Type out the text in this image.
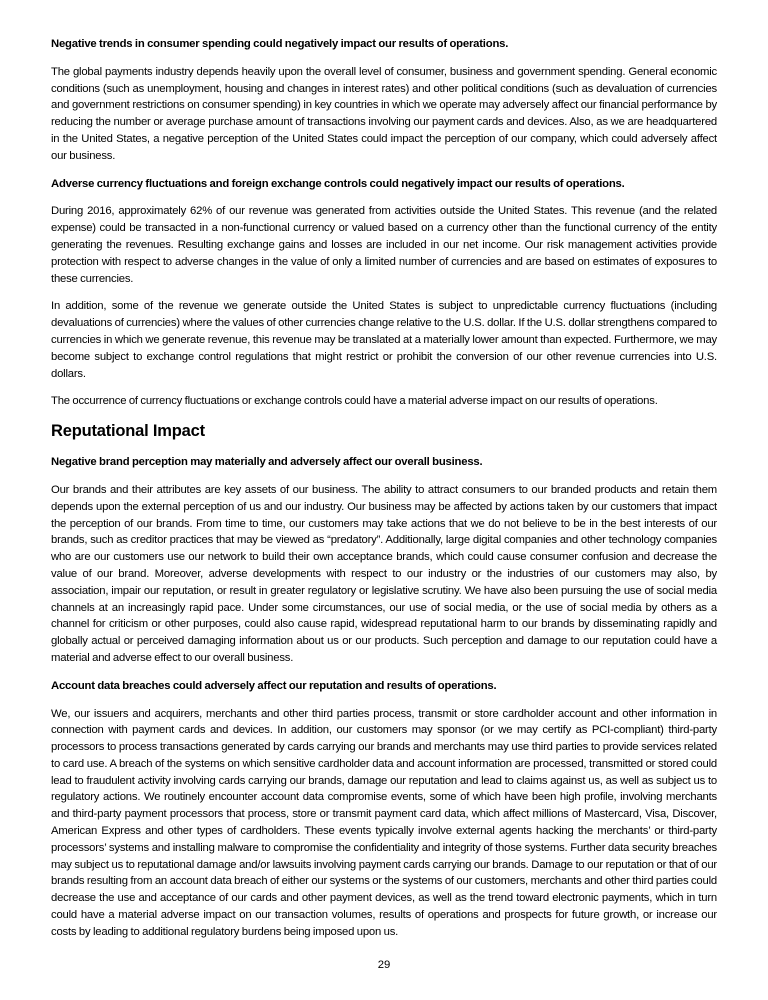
Negative trends in consumer spending could negatively impact our results of operations.

The global payments industry depends heavily upon the overall level of consumer, business and government spending. General economic conditions (such as unemployment, housing and changes in interest rates) and other political conditions (such as devaluation of currencies and government restrictions on consumer spending) in key countries in which we operate may adversely affect our financial performance by reducing the number or average purchase amount of transactions involving our payment cards and devices. Also, as we are headquartered in the United States, a negative perception of the United States could impact the perception of our company, which could adversely affect our business.

Adverse currency fluctuations and foreign exchange controls could negatively impact our results of operations.

During 2016, approximately 62% of our revenue was generated from activities outside the United States. This revenue (and the related expense) could be transacted in a non-functional currency or valued based on a currency other than the functional currency of the entity generating the revenues. Resulting exchange gains and losses are included in our net income. Our risk management activities provide protection with respect to adverse changes in the value of only a limited number of currencies and are based on estimates of exposures to these currencies.

In addition, some of the revenue we generate outside the United States is subject to unpredictable currency fluctuations (including devaluations of currencies) where the values of other currencies change relative to the U.S. dollar. If the U.S. dollar strengthens compared to currencies in which we generate revenue, this revenue may be translated at a materially lower amount than expected. Furthermore, we may become subject to exchange control regulations that might restrict or prohibit the conversion of our other revenue currencies into U.S. dollars.

The occurrence of currency fluctuations or exchange controls could have a material adverse impact on our results of operations.

Reputational Impact
Negative brand perception may materially and adversely affect our overall business.

Our brands and their attributes are key assets of our business. The ability to attract consumers to our branded products and retain them depends upon the external perception of us and our industry. Our business may be affected by actions taken by our customers that impact the perception of our brands. From time to time, our customers may take actions that we do not believe to be in the best interests of our brands, such as creditor practices that may be viewed as “predatory”. Additionally, large digital companies and other technology companies who are our customers use our network to build their own acceptance brands, which could cause consumer confusion and decrease the value of our brand. Moreover, adverse developments with respect to our industry or the industries of our customers may also, by association, impair our reputation, or result in greater regulatory or legislative scrutiny. We have also been pursuing the use of social media channels at an increasingly rapid pace. Under some circumstances, our use of social media, or the use of social media by others as a channel for criticism or other purposes, could also cause rapid, widespread reputational harm to our brands by disseminating rapidly and globally actual or perceived damaging information about us or our products. Such perception and damage to our reputation could have a material and adverse effect to our overall business.

Account data breaches could adversely affect our reputation and results of operations.

We, our issuers and acquirers, merchants and other third parties process, transmit or store cardholder account and other information in connection with payment cards and devices. In addition, our customers may sponsor (or we may certify as PCI-compliant) third-party processors to process transactions generated by cards carrying our brands and merchants may use third parties to provide services related to card use. A breach of the systems on which sensitive cardholder data and account information are processed, transmitted or stored could lead to fraudulent activity involving cards carrying our brands, damage our reputation and lead to claims against us, as well as subject us to regulatory actions. We routinely encounter account data compromise events, some of which have been high profile, involving merchants and third-party payment processors that process, store or transmit payment card data, which affect millions of Mastercard, Visa, Discover, American Express and other types of cardholders. These events typically involve external agents hacking the merchants’ or third-party processors’ systems and installing malware to compromise the confidentiality and integrity of those systems. Further data security breaches may subject us to reputational damage and/or lawsuits involving payment cards carrying our brands. Damage to our reputation or that of our brands resulting from an account data breach of either our systems or the systems of our customers, merchants and other third parties could decrease the use and acceptance of our cards and other payment devices, as well as the trend toward electronic payments, which in turn could have a material adverse impact on our transaction volumes, results of operations and prospects for future growth, or increase our costs by leading to additional regulatory burdens being imposed upon us.

29
